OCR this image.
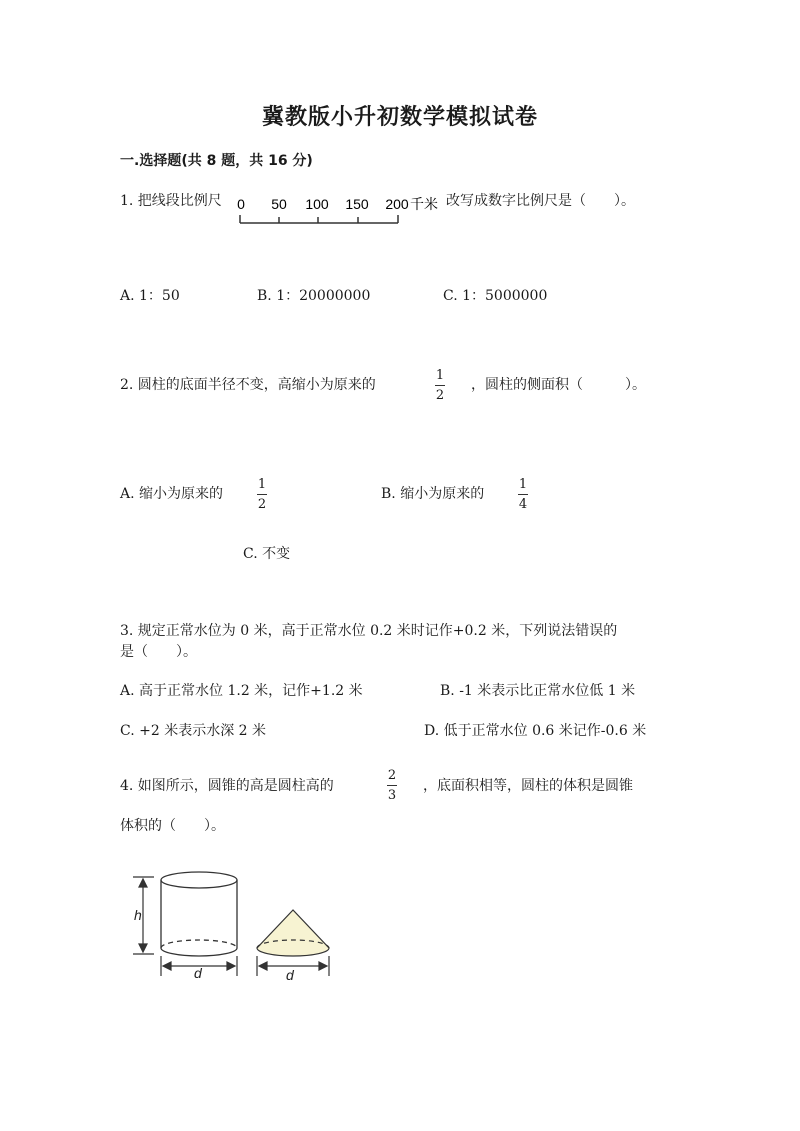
冀教版小升初数学模拟试卷
一.选择题(共 8 题，共 16 分)
1. 把线段比例尺 0 50 100 150 200 千米 改写成数字比例尺是（　　）。
A. 1：50	B. 1：20000000	C. 1：5000000
2. 圆柱的底面半径不变，高缩小为原来的
1
2
，圆柱的侧面积（　　　）。
A. 缩小为原来的
1
2
B. 缩小为原来的
1
4
C. 不变
3. 规定正常水位为 0 米，高于正常水位 0.2 米时记作+0.2 米，下列说法错误的
是（　　）。
A. 高于正常水位 1.2 米，记作+1.2 米	B. -1 米表示比正常水位低 1 米
C. +2 米表示水深 2 米	D. 低于正常水位 0.6 米记作-0.6 米
4. 如图所示，圆锥的高是圆柱高的
2
3
，底面积相等，圆柱的体积是圆锥
体积的（　　）。
h
d	d
